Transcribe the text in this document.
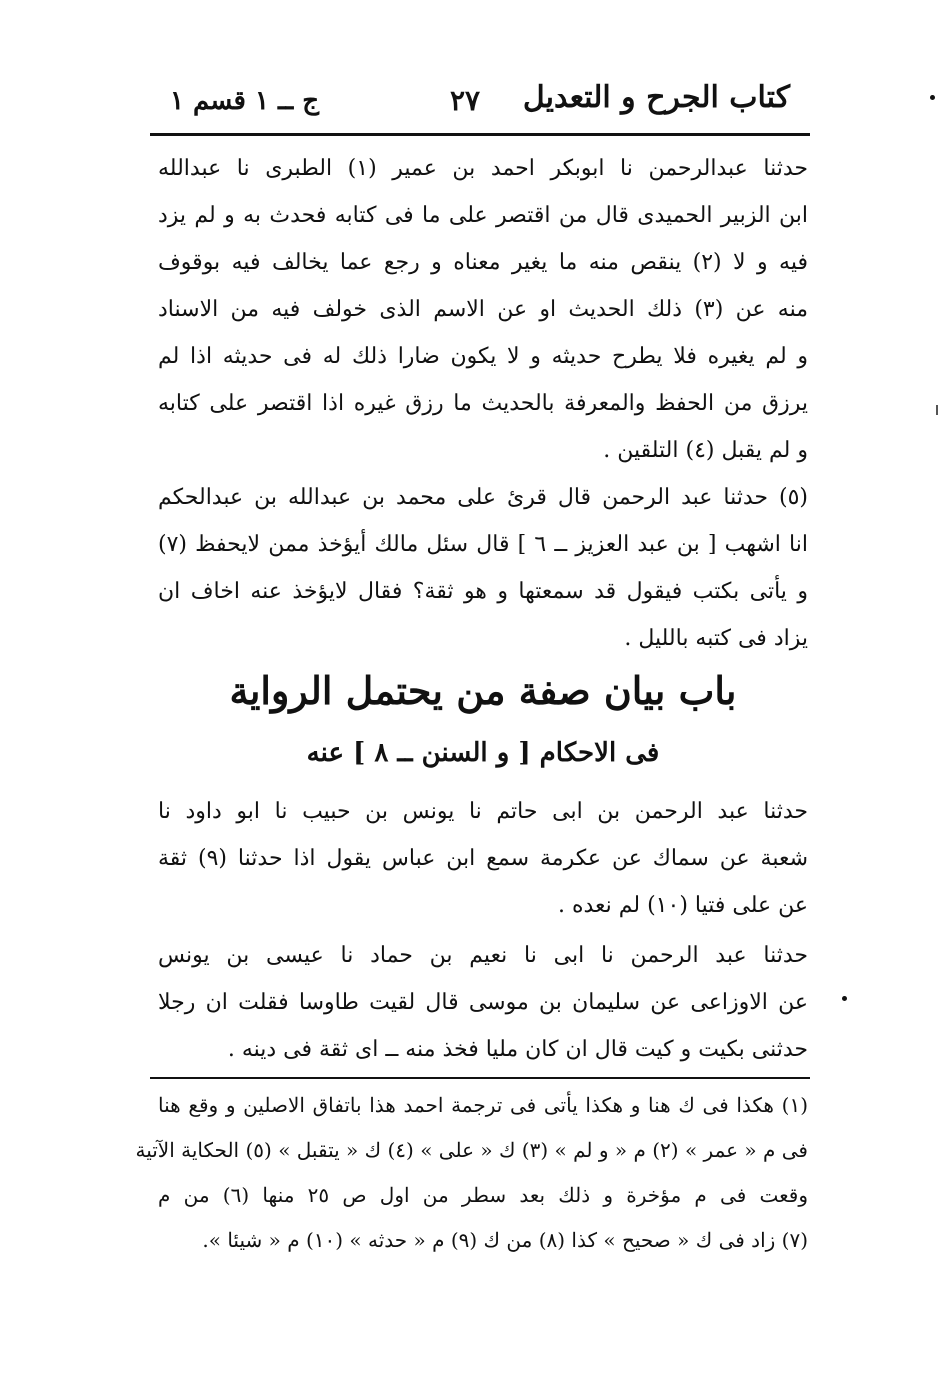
كتاب الجرح و التعديل
٢٧
ج ــ ١ قسم ١
حدثنا عبدالرحمن نا ابوبكر احمد بن عمير (١) الطبرى نا عبدالله
ابن الزبير الحميدى قال من اقتصر على ما فى كتابه فحدث به و لم يزد
فيه و لا (٢) ينقص منه ما يغير معناه و رجع عما يخالف فيه بوقوف
منه عن (٣) ذلك الحديث او عن الاسم الذى خولف فيه من الاسناد
و لم يغيره فلا يطرح حديثه و لا يكون ضارا ذلك له فى حديثه اذا لم
يرزق من الحفظ والمعرفة بالحديث ما رزق غيره اذا اقتصر على كتابه
و لم يقبل (٤) التلقين .
(٥) حدثنا عبد الرحمن قال قرئ على محمد بن عبدالله بن عبدالحكم
انا اشهب [ بن عبد العزيز ــ ٦ ] قال سئل مالك أيؤخذ ممن لايحفظ (٧)
و يأتى بكتب فيقول قد سمعتها و هو ثقة؟ فقال لايؤخذ عنه اخاف ان
يزاد فى كتبه بالليل .
باب بيان صفة من يحتمل الرواية
فى الاحكام [ و السنن ــ ٨ ] عنه
حدثنا عبد الرحمن بن ابى حاتم نا يونس بن حبيب نا ابو داود نا
شعبة عن سماك عن عكرمة سمع ابن عباس يقول اذا حدثنا (٩) ثقة
عن على فتيا (١٠) لم نعده .
حدثنا عبد الرحمن نا ابى نا نعيم بن حماد نا عيسى بن يونس
عن الاوزاعى عن سليمان بن موسى قال لقيت طاوسا فقلت ان رجلا
حدثنى بكيت و كيت قال ان كان مليا فخذ منه ــ اى ثقة فى دينه .
(١) هكذا فى ك هنا و هكذا يأتى فى ترجمة احمد هذا باتفاق الاصلين و وقع هنا
فى م « عمر » (٢) م « و لم » (٣) ك « على » (٤) ك « يتقبل » (٥) الحكاية الآتية
وقعت فى م مؤخرة و ذلك بعد سطر من اول ص ٢٥ منها (٦) من م
(٧) زاد فى ك « صحيح » كذا (٨) من ك (٩) م « حدثه » (١٠) م « شيئا ».
